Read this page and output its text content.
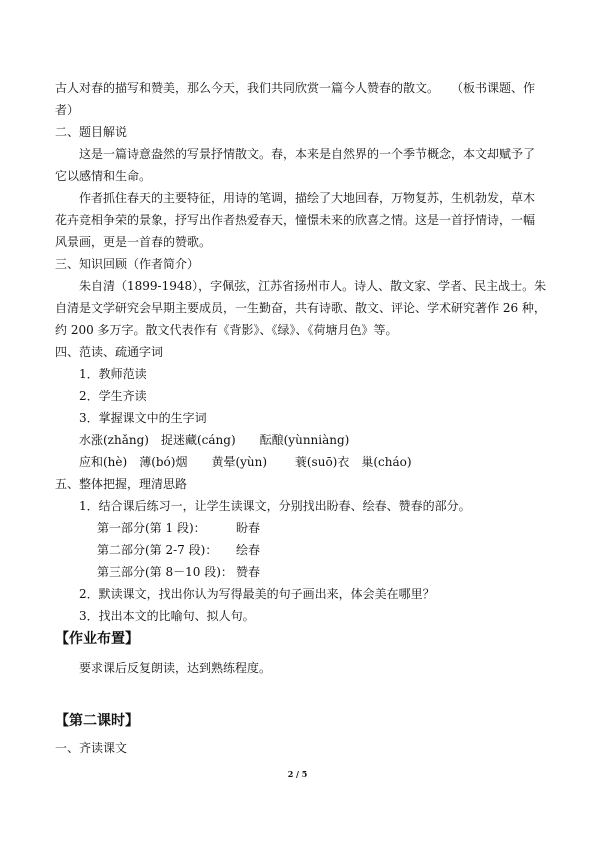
古人对春的描写和赞美，那么今天，我们共同欣赏一篇今人赞春的散文。　　（板书课题、作

者）

二、题目解说

这是一篇诗意盎然的写景抒情散文。春，本来是自然界的一个季节概念，本文却赋予了

它以感情和生命。

作者抓住春天的主要特征，用诗的笔调，描绘了大地回春，万物复苏，生机勃发，草木

花卉竞相争荣的景象，抒写出作者热爱春天，憧憬未来的欣喜之情。这是一首抒情诗，一幅

风景画，更是一首春的赞歌。

三、知识回顾（作者简介）

朱自清（1899-1948），字佩弦，江苏省扬州市人。诗人、散文家、学者、民主战士。朱

自清是文学研究会早期主要成员，一生勤奋，共有诗歌、散文、评论、学术研究著作 26 种，

约 200 多万字。散文代表作有《背影》、《绿》、《荷塘月色》等。

四、范读、疏通字词

1．教师范读

2．学生齐读

3．掌握课文中的生字词

水涨(zhǎng)　捉迷藏(cáng)　　酝酿(yùnniàng)

应和(hè)　薄(bó)烟　　黄晕(yùn)　　 蓑(suō)衣　巢(cháo)

五、整体把握，理清思路

1．结合课后练习一，让学生读课文，分别找出盼春、绘春、赞春的部分。

第一部分(第 1 段)：	盼春

第二部分(第 2-7 段)： 绘春

第三部分(第 8－10 段)： 赞春

2．默读课文，找出你认为写得最美的句子画出来，体会美在哪里？

3．找出本文的比喻句、拟人句。

【作业布置】

要求课后反复朗读，达到熟练程度。

【第二课时】

一、齐读课文

2 / 5
